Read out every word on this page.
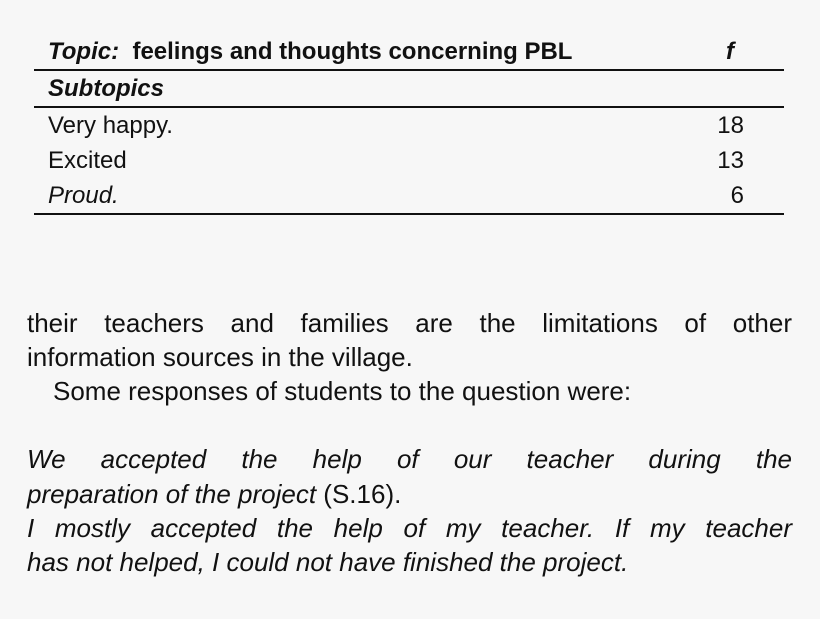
Topic: feelings and thoughts concerning PBL	f
Subtopics
Very happy.	18
Excited	13
Proud.	6
their teachers and families are the limitations of other
information sources in the village.
Some responses of students to the question were:
We accepted the help of our teacher during the
preparation of the project (S.16).
I mostly accepted the help of my teacher. If my teacher
has not helped, I could not have finished the project.
